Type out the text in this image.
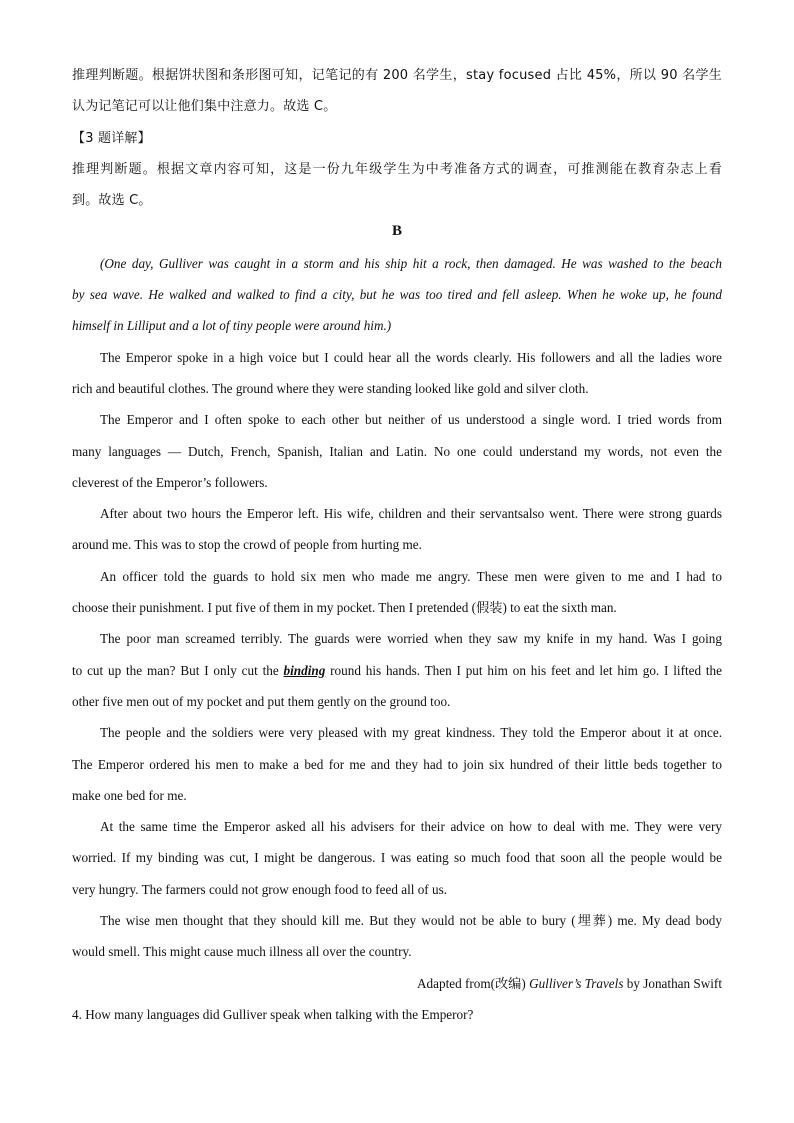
推理判断题。根据饼状图和条形图可知，记笔记的有 200 名学生，stay focused 占比 45%，所以 90 名学生
认为记笔记可以让他们集中注意力。故选 C。
【3 题详解】
推理判断题。根据文章内容可知，这是一份九年级学生为中考准备方式的调查，可推测能在教育杂志上看
到。故选 C。
B
(One day, Gulliver was caught in a storm and his ship hit a rock, then damaged. He was washed to the beach
by sea wave. He walked and walked to find a city, but he was too tired and fell asleep. When he woke up, he found
himself in Lilliput and a lot of tiny people were around him.)
The Emperor spoke in a high voice but I could hear all the words clearly. His followers and all the ladies wore
rich and beautiful clothes. The ground where they were standing looked like gold and silver cloth.
The Emperor and I often spoke to each other but neither of us understood a single word. I tried words from
many languages — Dutch, French, Spanish, Italian and Latin. No one could understand my words, not even the
cleverest of the Emperor’s followers.
After about two hours the Emperor left. His wife, children and their servantsalso went. There were strong guards
around me. This was to stop the crowd of people from hurting me.
An officer told the guards to hold six men who made me angry. These men were given to me and I had to
choose their punishment. I put five of them in my pocket. Then I pretended (假装) to eat the sixth man.
The poor man screamed terribly. The guards were worried when they saw my knife in my hand. Was I going
to cut up the man? But I only cut the binding round his hands. Then I put him on his feet and let him go. I lifted the
other five men out of my pocket and put them gently on the ground too.
The people and the soldiers were very pleased with my great kindness. They told the Emperor about it at once.
The Emperor ordered his men to make a bed for me and they had to join six hundred of their little beds together to
make one bed for me.
At the same time the Emperor asked all his advisers for their advice on how to deal with me. They were very
worried. If my binding was cut, I might be dangerous. I was eating so much food that soon all the people would be
very hungry. The farmers could not grow enough food to feed all of us.
The wise men thought that they should kill me. But they would not be able to bury (埋葬) me. My dead body
would smell. This might cause much illness all over the country.
Adapted from(改编) Gulliver’s Travels by Jonathan Swift
4. How many languages did Gulliver speak when talking with the Emperor?
